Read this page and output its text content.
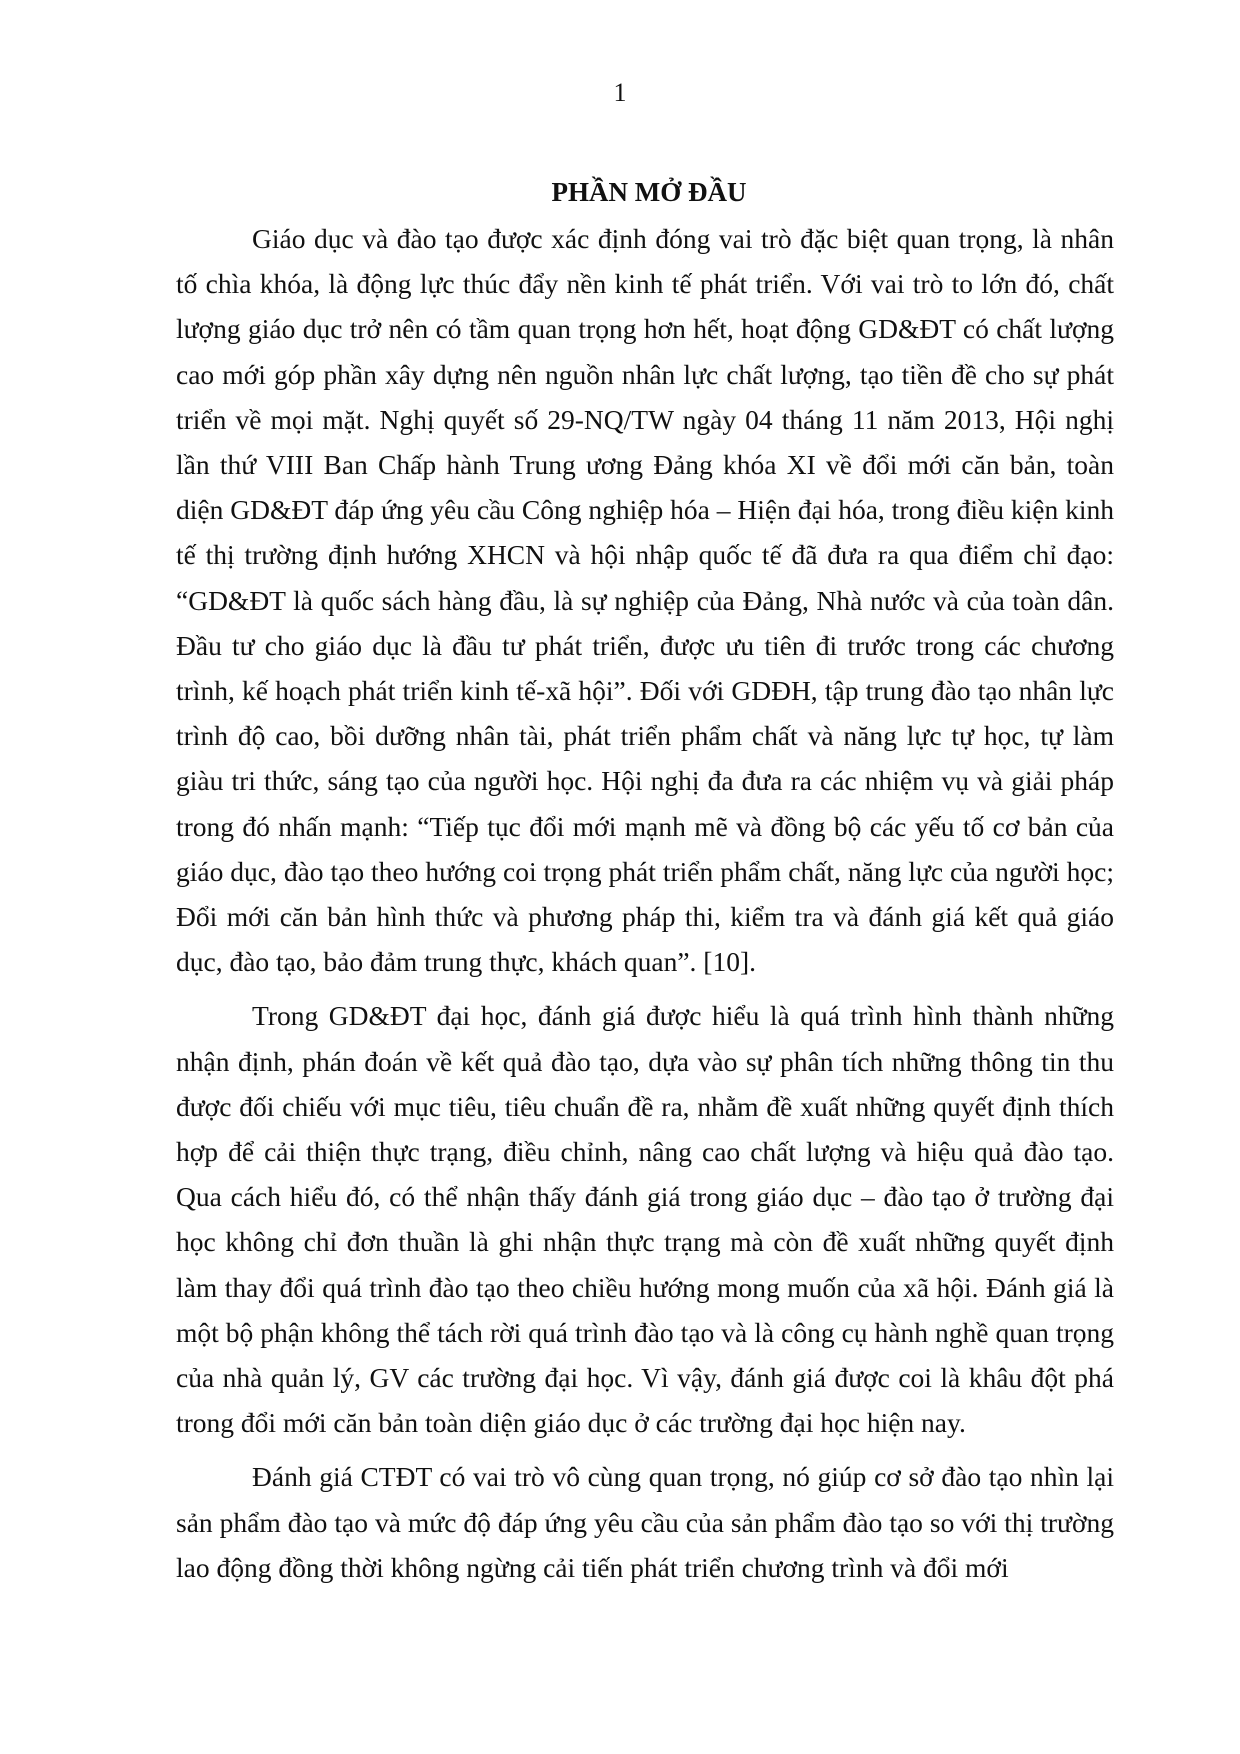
1
PHẦN MỞ ĐẦU

Giáo dục và đào tạo được xác định đóng vai trò đặc biệt quan trọng, là nhân tố chìa khóa, là động lực thúc đẩy nền kinh tế phát triển. Với vai trò to lớn đó, chất lượng giáo dục trở nên có tầm quan trọng hơn hết, hoạt động GD&ĐT có chất lượng cao mới góp phần xây dựng nên nguồn nhân lực chất lượng, tạo tiền đề cho sự phát triển về mọi mặt. Nghị quyết số 29-NQ/TW ngày 04 tháng 11 năm 2013, Hội nghị lần thứ VIII Ban Chấp hành Trung ương Đảng khóa XI về đổi mới căn bản, toàn diện GD&ĐT đáp ứng yêu cầu Công nghiệp hóa – Hiện đại hóa, trong điều kiện kinh tế thị trường định hướng XHCN và hội nhập quốc tế đã đưa ra qua điểm chỉ đạo: “GD&ĐT là quốc sách hàng đầu, là sự nghiệp của Đảng, Nhà nước và của toàn dân. Đầu tư cho giáo dục là đầu tư phát triển, được ưu tiên đi trước trong các chương trình, kế hoạch phát triển kinh tế-xã hội”. Đối với GDĐH, tập trung đào tạo nhân lực trình độ cao, bồi dưỡng nhân tài, phát triển phẩm chất và năng lực tự học, tự làm giàu tri thức, sáng tạo của người học. Hội nghị đa đưa ra các nhiệm vụ và giải pháp trong đó nhấn mạnh: “Tiếp tục đổi mới mạnh mẽ và đồng bộ các yếu tố cơ bản của giáo dục, đào tạo theo hướng coi trọng phát triển phẩm chất, năng lực của người học; Đổi mới căn bản hình thức và phương pháp thi, kiểm tra và đánh giá kết quả giáo dục, đào tạo, bảo đảm trung thực, khách quan”. [10].

Trong GD&ĐT đại học, đánh giá được hiểu là quá trình hình thành những nhận định, phán đoán về kết quả đào tạo, dựa vào sự phân tích những thông tin thu được đối chiếu với mục tiêu, tiêu chuẩn đề ra, nhằm đề xuất những quyết định thích hợp để cải thiện thực trạng, điều chỉnh, nâng cao chất lượng và hiệu quả đào tạo. Qua cách hiểu đó, có thể nhận thấy đánh giá trong giáo dục – đào tạo ở trường đại học không chỉ đơn thuần là ghi nhận thực trạng mà còn đề xuất những quyết định làm thay đổi quá trình đào tạo theo chiều hướng mong muốn của xã hội. Đánh giá là một bộ phận không thể tách rời quá trình đào tạo và là công cụ hành nghề quan trọng của nhà quản lý, GV các trường đại học. Vì vậy, đánh giá được coi là khâu đột phá trong đổi mới căn bản toàn diện giáo dục ở các trường đại học hiện nay.

Đánh giá CTĐT có vai trò vô cùng quan trọng, nó giúp cơ sở đào tạo nhìn lại sản phẩm đào tạo và mức độ đáp ứng yêu cầu của sản phẩm đào tạo so với thị trường lao động đồng thời không ngừng cải tiến phát triển chương trình và đổi mới
